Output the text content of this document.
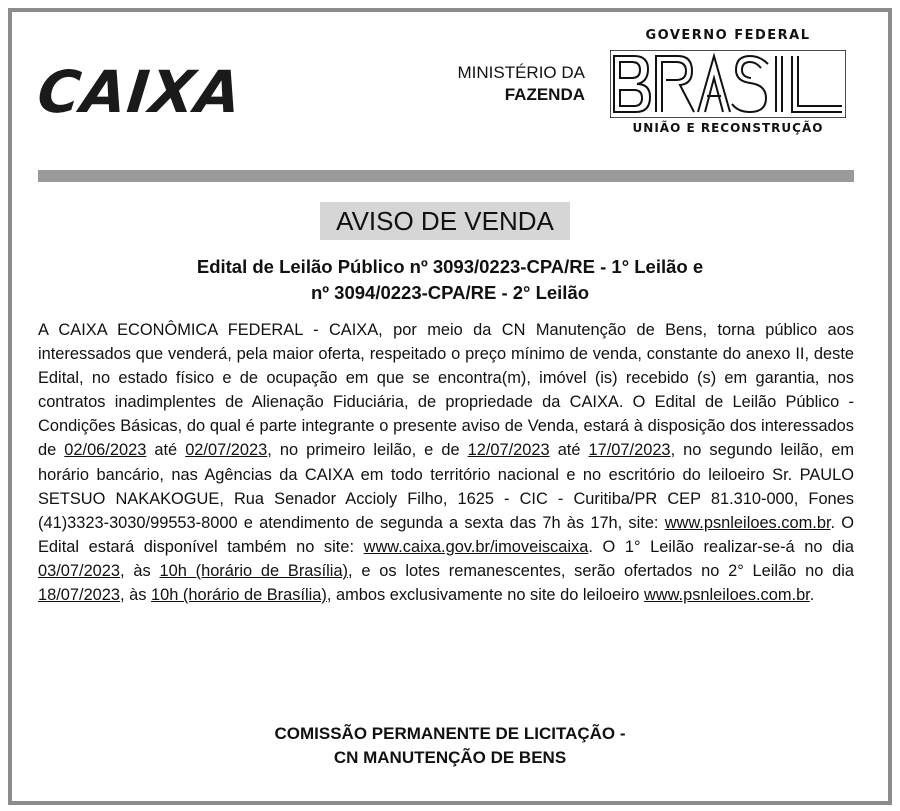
CAIXA	MINISTÉRIO DA
FAZENDA
GOVERNO FEDERAL
UNIÃO E RECONSTRUÇÃO
AVISO DE VENDA
Edital de Leilão Público nº 3093/0223-CPA/RE - 1° Leilão e
nº 3094/0223-CPA/RE - 2° Leilão
A CAIXA ECONÔMICA FEDERAL - CAIXA, por meio da CN Manutenção de Bens, torna público aos interessados que venderá, pela maior oferta, respeitado o preço mínimo de venda, constante do anexo II, deste Edital, no estado físico e de ocupação em que se encontra(m), imóvel (is) recebido (s) em garantia, nos contratos inadimplentes de Alienação Fiduciária, de propriedade da CAIXA. O Edital de Leilão Público - Condições Básicas, do qual é parte integrante o presente aviso de Venda, estará à disposição dos interessados de 02/06/2023 até 02/07/2023, no primeiro leilão, e de 12/07/2023 até 17/07/2023, no segundo leilão, em horário bancário, nas Agências da CAIXA em todo território nacional e no escritório do leiloeiro Sr. PAULO SETSUO NAKAKOGUE, Rua Senador Accioly Filho, 1625 - CIC - Curitiba/PR CEP 81.310-000, Fones (41)3323-3030/99553-8000 e atendimento de segunda a sexta das 7h às 17h, site: www.psnleiloes.com.br. O Edital estará disponível também no site: www.caixa.gov.br/imoveiscaixa. O 1° Leilão realizar-se-á no dia 03/07/2023, às 10h (horário de Brasília), e os lotes remanescentes, serão ofertados no 2° Leilão no dia 18/07/2023, às 10h (horário de Brasília), ambos exclusivamente no site do leiloeiro www.psnleiloes.com.br.
COMISSÃO PERMANENTE DE LICITAÇÃO -
CN MANUTENÇÃO DE BENS
